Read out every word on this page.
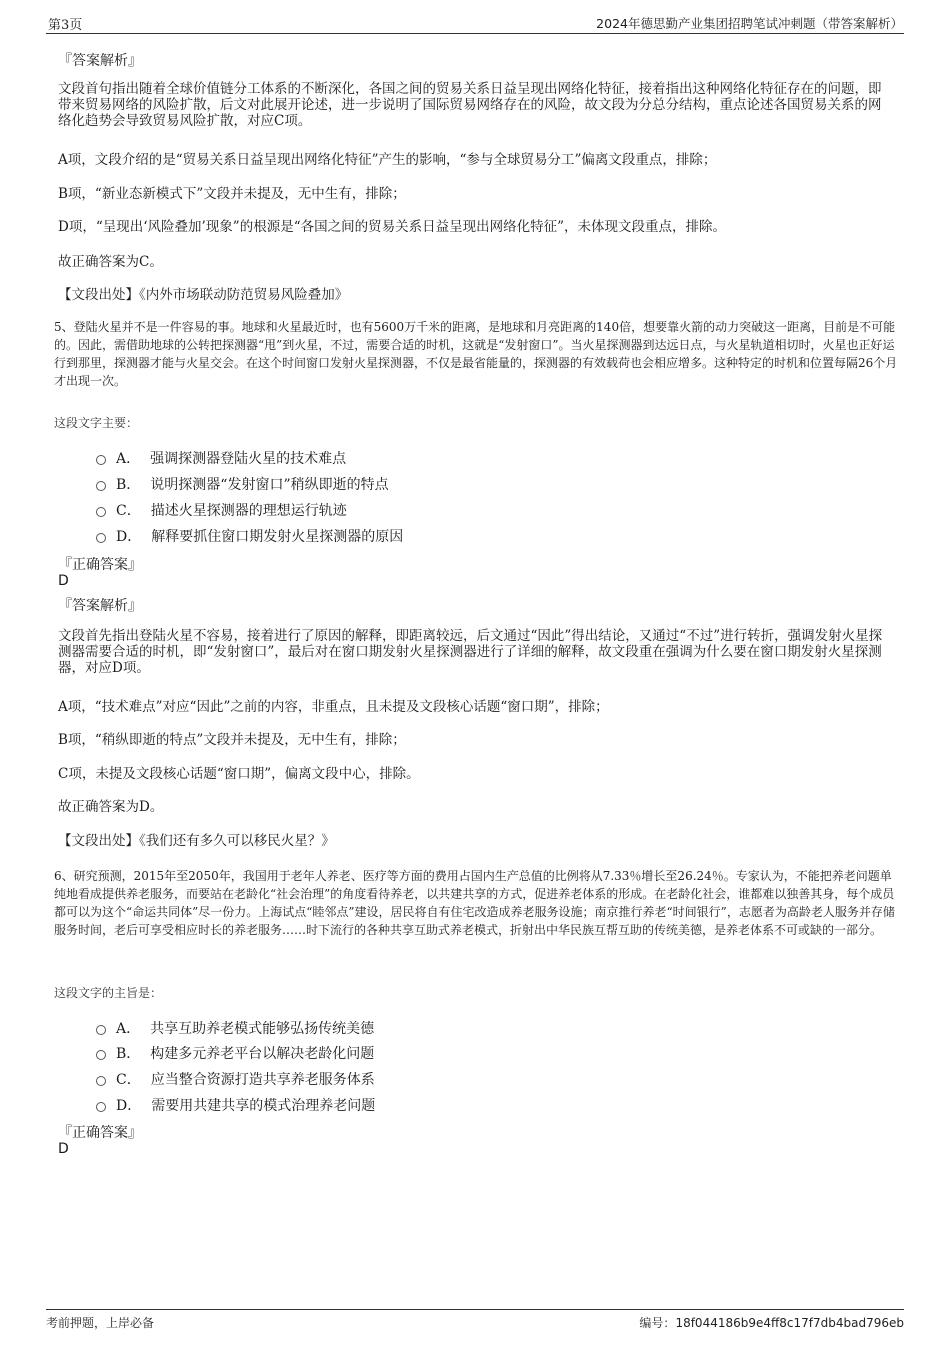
第3页	2024年德思勤产业集团招聘笔试冲刺题（带答案解析）
『答案解析』

文段首句指出随着全球价值链分工体系的不断深化，各国之间的贸易关系日益呈现出网络化特征，接着指出这种网络化特征存在的问题，即带来贸易网络的风险扩散，后文对此展开论述，进一步说明了国际贸易网络存在的风险，故文段为分总分结构，重点论述各国贸易关系的网络化趋势会导致贸易风险扩散，对应C项。

A项，文段介绍的是“贸易关系日益呈现出网络化特征”产生的影响，“参与全球贸易分工”偏离文段重点，排除；

B项，“新业态新模式下”文段并未提及，无中生有，排除；

D项，“呈现出‘风险叠加’现象”的根源是“各国之间的贸易关系日益呈现出网络化特征”，未体现文段重点，排除。

故正确答案为C。

【文段出处】《内外市场联动防范贸易风险叠加》

5、登陆火星并不是一件容易的事。地球和火星最近时，也有5600万千米的距离，是地球和月亮距离的140倍，想要靠火箭的动力突破这一距离，目前是不可能的。因此，需借助地球的公转把探测器“甩”到火星，不过，需要合适的时机，这就是“发射窗口”。当火星探测器到达远日点，与火星轨道相切时，火星也正好运行到那里，探测器才能与火星交会。在这个时间窗口发射火星探测器，不仅是最省能量的，探测器的有效载荷也会相应增多。这种特定的时机和位置每隔26个月才出现一次。

这段文字主要：
A． 强调探测器登陆火星的技术难点
B． 说明探测器“发射窗口”稍纵即逝的特点
C． 描述火星探测器的理想运行轨迹
D． 解释要抓住窗口期发射火星探测器的原因
『正确答案』
D
『答案解析』

文段首先指出登陆火星不容易，接着进行了原因的解释，即距离较远，后文通过“因此”得出结论，又通过“不过”进行转折，强调发射火星探测器需要合适的时机，即“发射窗口”，最后对在窗口期发射火星探测器进行了详细的解释，故文段重在强调为什么要在窗口期发射火星探测器，对应D项。

A项，“技术难点”对应“因此”之前的内容，非重点，且未提及文段核心话题“窗口期”，排除；

B项，“稍纵即逝的特点”文段并未提及，无中生有，排除；

C项，未提及文段核心话题“窗口期”，偏离文段中心，排除。

故正确答案为D。

【文段出处】《我们还有多久可以移民火星？》

6、研究预测，2015年至2050年，我国用于老年人养老、医疗等方面的费用占国内生产总值的比例将从7.33％增长至26.24％。专家认为，不能把养老问题单纯地看成提供养老服务，而要站在老龄化“社会治理”的角度看待养老，以共建共享的方式，促进养老体系的形成。在老龄化社会，谁都难以独善其身，每个成员都可以为这个“命运共同体”尽一份力。上海试点“睦邻点”建设，居民将自有住宅改造成养老服务设施；南京推行养老“时间银行”，志愿者为高龄老人服务并存储服务时间，老后可享受相应时长的养老服务……时下流行的各种共享互助式养老模式，折射出中华民族互帮互助的传统美德，是养老体系不可或缺的一部分。

这段文字的主旨是：
A． 共享互助养老模式能够弘扬传统美德
B． 构建多元养老平台以解决老龄化问题
C． 应当整合资源打造共享养老服务体系
D． 需要用共建共享的模式治理养老问题
『正确答案』
D
考前押题，上岸必备	编号：18f044186b9e4ff8c17f7db4bad796eb
